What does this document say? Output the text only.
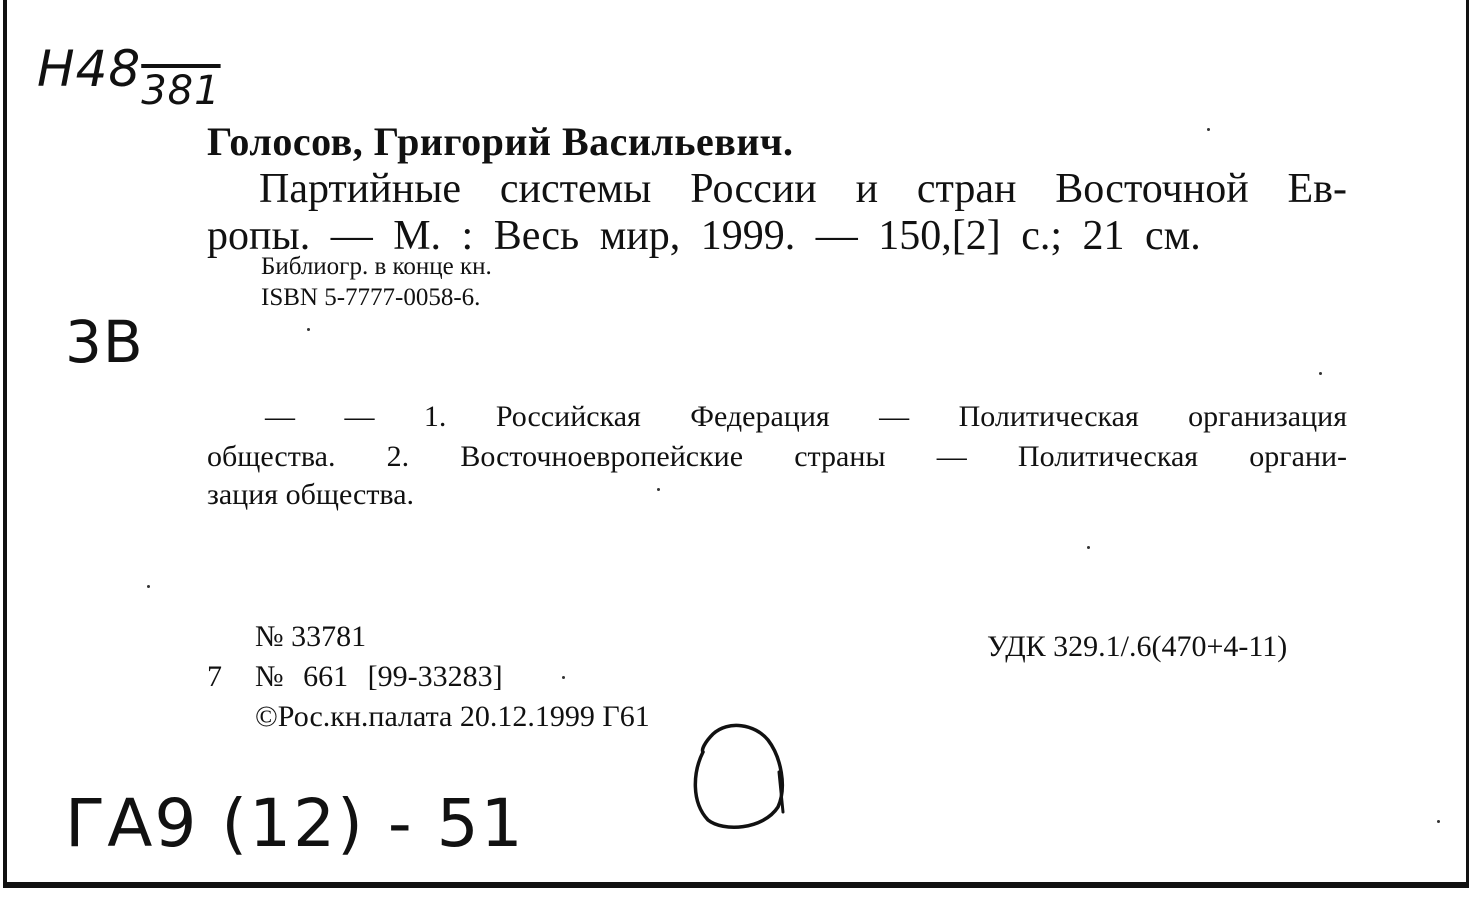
$Н48_{381}$
Голосов, Григорий Васильевич.
Партийные системы России и стран Восточной Ев-
ропы. — М. : Весь мир, 1999. — 150,[2] с.; 21 см.
Библиогр. в конце кн.
ISBN 5-7777-0058-6.
3В
— — 1. Российская Федерация — Политическая организация
общества. 2. Восточноевропейские страны — Политическая органи-
зация общества.
№ 33781	УДК 329.1/.6(470+4-11)
7 № 661 [99-33283]
©Рос.кн.палата 20.12.1999 Г61
ГА9 (12) - 51
